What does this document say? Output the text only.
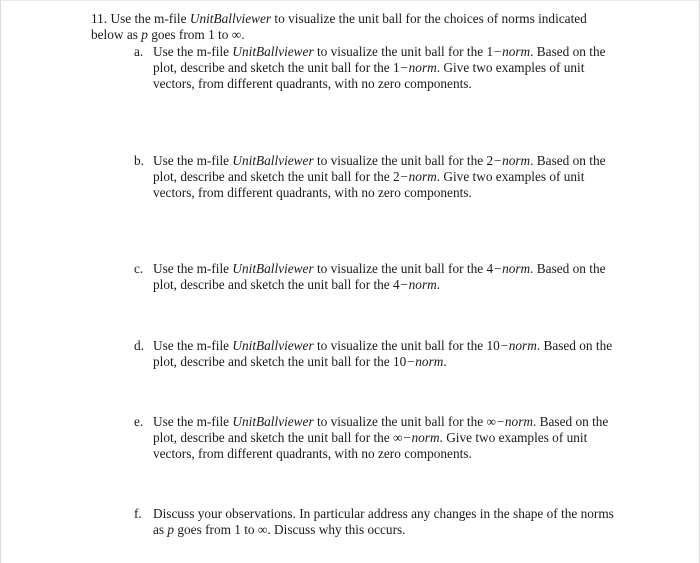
11. Use the m-file UnitBallviewer to visualize the unit ball for the choices of norms indicated below as p goes from 1 to ∞.
a. Use the m-file UnitBallviewer to visualize the unit ball for the 1−norm. Based on the plot, describe and sketch the unit ball for the 1−norm. Give two examples of unit vectors, from different quadrants, with no zero components.
b. Use the m-file UnitBallviewer to visualize the unit ball for the 2−norm. Based on the plot, describe and sketch the unit ball for the 2−norm. Give two examples of unit vectors, from different quadrants, with no zero components.
c. Use the m-file UnitBallviewer to visualize the unit ball for the 4−norm. Based on the plot, describe and sketch the unit ball for the 4−norm.
d. Use the m-file UnitBallviewer to visualize the unit ball for the 10−norm. Based on the plot, describe and sketch the unit ball for the 10−norm.
e. Use the m-file UnitBallviewer to visualize the unit ball for the ∞−norm. Based on the plot, describe and sketch the unit ball for the ∞−norm. Give two examples of unit vectors, from different quadrants, with no zero components.
f. Discuss your observations. In particular address any changes in the shape of the norms as p goes from 1 to ∞. Discuss why this occurs.
